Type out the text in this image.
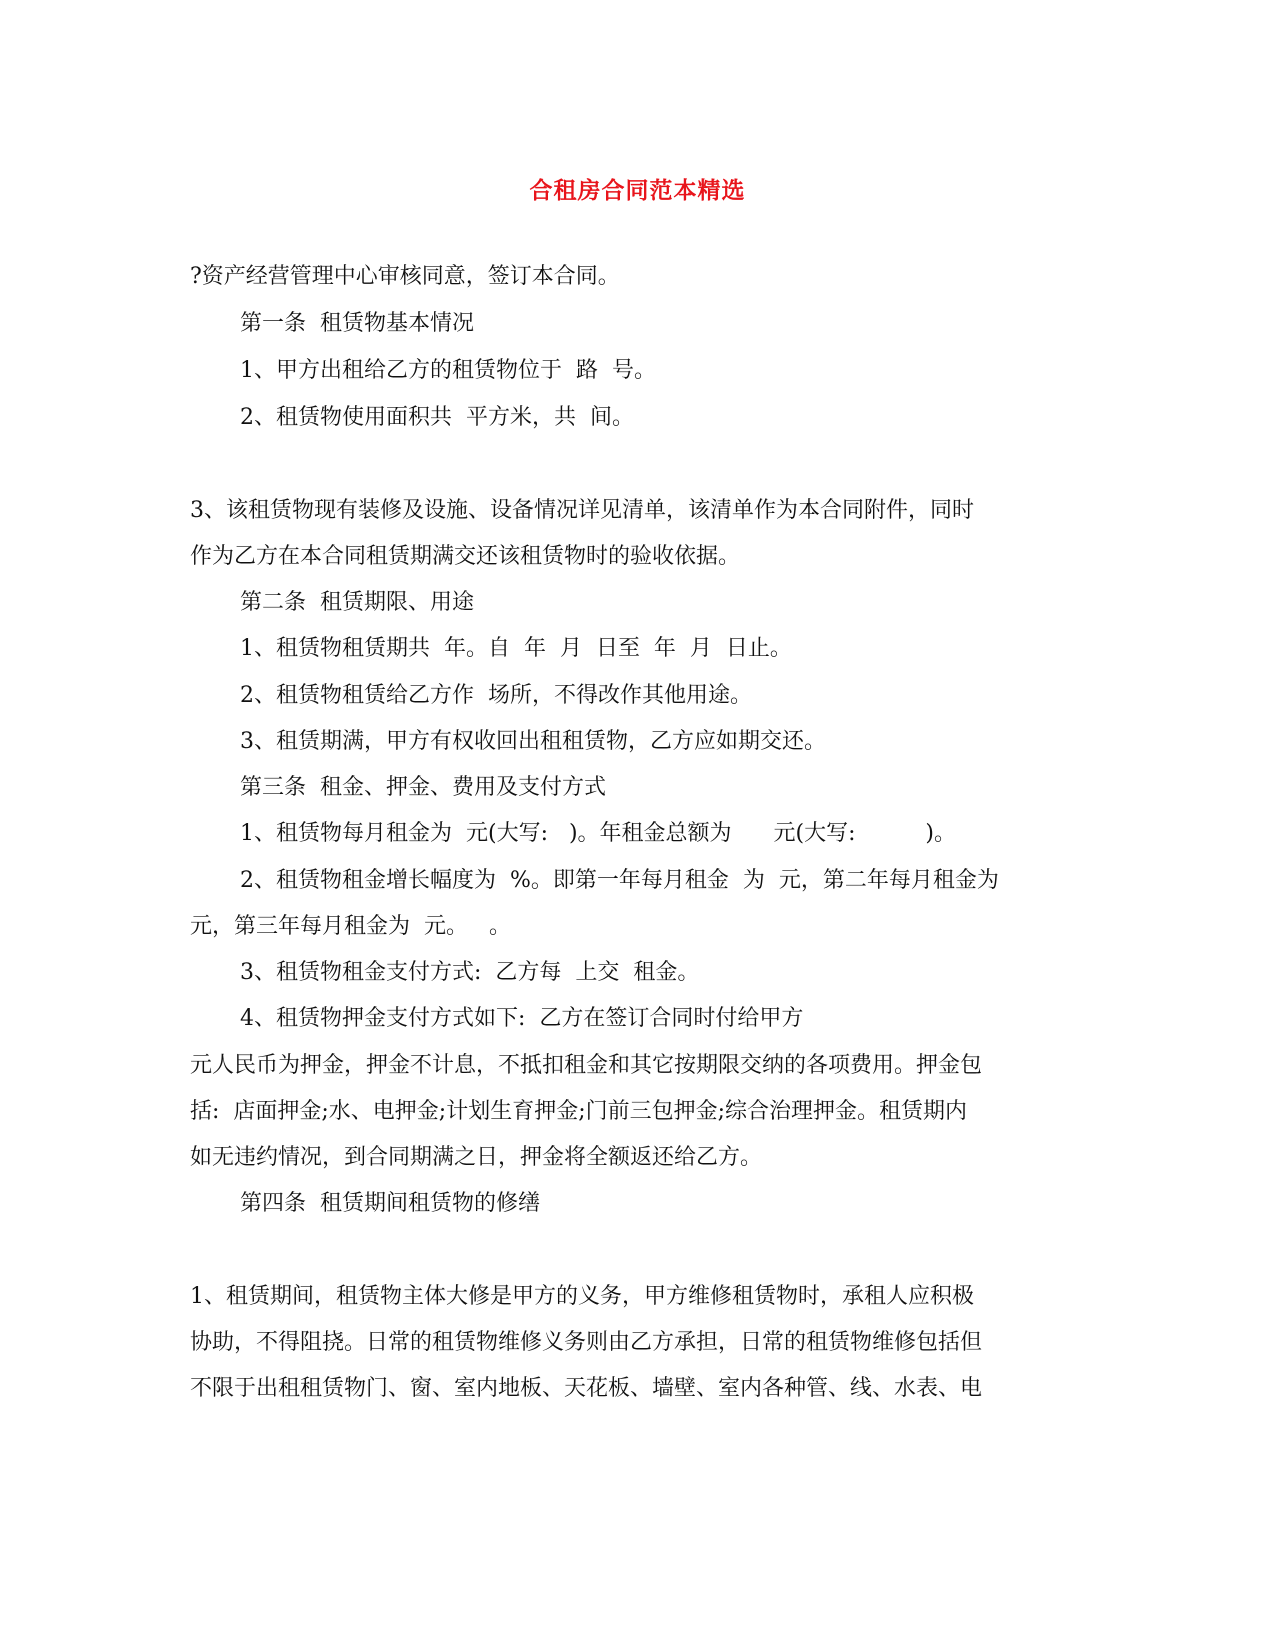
合租房合同范本精选
?资产经营管理中心审核同意，签订本合同。
第一条  租赁物基本情况
1、甲方出租给乙方的租赁物位于  路  号。
2、租赁物使用面积共  平方米，共  间。
3、该租赁物现有装修及设施、设备情况详见清单，该清单作为本合同附件，同时
作为乙方在本合同租赁期满交还该租赁物时的验收依据。
第二条  租赁期限、用途
1、租赁物租赁期共  年。自  年  月  日至  年  月  日止。
2、租赁物租赁给乙方作  场所，不得改作其他用途。
3、租赁期满，甲方有权收回出租租赁物，乙方应如期交还。
第三条  租金、押金、费用及支付方式
1、租赁物每月租金为  元(大写:   )。年租金总额为      元(大写:          )。
2、租赁物租金增长幅度为  %。即第一年每月租金  为  元，第二年每月租金为
元，第三年每月租金为  元。   。
3、租赁物租金支付方式:  乙方每  上交  租金。
4、租赁物押金支付方式如下:  乙方在签订合同时付给甲方
元人民币为押金，押金不计息，不抵扣租金和其它按期限交纳的各项费用。押金包
括:  店面押金;水、电押金;计划生育押金;门前三包押金;综合治理押金。租赁期内
如无违约情况，到合同期满之日，押金将全额返还给乙方。
第四条  租赁期间租赁物的修缮
1、租赁期间，租赁物主体大修是甲方的义务，甲方维修租赁物时，承租人应积极
协助，不得阻挠。日常的租赁物维修义务则由乙方承担，日常的租赁物维修包括但
不限于出租租赁物门、窗、室内地板、天花板、墙壁、室内各种管、线、水表、电
